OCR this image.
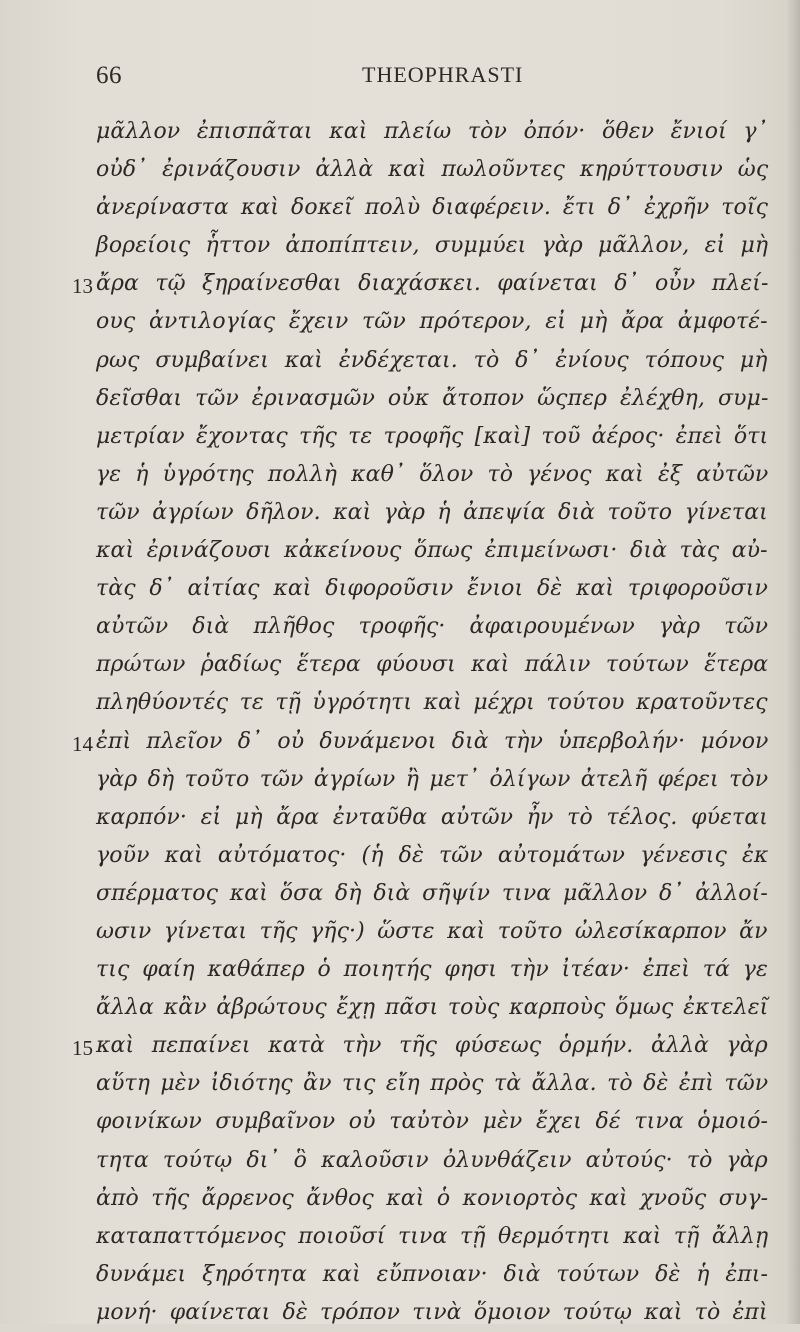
66	THEOPHRASTI
μᾶλλον ἐπισπᾶται καὶ πλείω τὸν ὀπόν· ὅθεν ἔνιοί γ᾽
οὐδ᾽ ἐρινάζουσιν ἀλλὰ καὶ πωλοῦντες κηρύττουσιν ὡς
ἀνερίναστα καὶ δοκεῖ πολὺ διαφέρειν. ἔτι δ᾽ ἐχρῆν τοῖς
βορείοις ἧττον ἀποπίπτειν, συμμύει γὰρ μᾶλλον, εἰ μὴ
13 ἄρα τῷ ξηραίνεσθαι διαχάσκει. φαίνεται δ᾽ οὖν πλεί-
ους ἀντιλογίας ἔχειν τῶν πρότερον, εἰ μὴ ἄρα ἀμφοτέ-
ρως συμβαίνει καὶ ἐνδέχεται. τὸ δ᾽ ἐνίους τόπους μὴ
δεῖσθαι τῶν ἐρινασμῶν οὐκ ἄτοπον ὥςπερ ἐλέχθη, συμ-
μετρίαν ἔχοντας τῆς τε τροφῆς [καὶ] τοῦ ἀέρος· ἐπεὶ ὅτι
γε ἡ ὑγρότης πολλὴ καθ᾽ ὅλον τὸ γένος καὶ ἐξ αὐτῶν
τῶν ἀγρίων δῆλον. καὶ γὰρ ἡ ἀπεψία διὰ τοῦτο γίνεται
καὶ ἐρινάζουσι κἀκείνους ὅπως ἐπιμείνωσι· διὰ τὰς αὐ-
τὰς δ᾽ αἰτίας καὶ διφοροῦσιν ἔνιοι δὲ καὶ τριφοροῦσιν
αὐτῶν διὰ πλῆθος τροφῆς· ἀφαιρουμένων γὰρ τῶν
πρώτων ῥαδίως ἕτερα φύουσι καὶ πάλιν τούτων ἕτερα
πληθύοντές τε τῇ ὑγρότητι καὶ μέχρι τούτου κρατοῦντες
14 ἐπὶ πλεῖον δ᾽ οὐ δυνάμενοι διὰ τὴν ὑπερβολήν· μόνον
γὰρ δὴ τοῦτο τῶν ἀγρίων ἢ μετ᾽ ὀλίγων ἀτελῆ φέρει τὸν
καρπόν· εἰ μὴ ἄρα ἐνταῦθα αὐτῶν ἦν τὸ τέλος. φύεται
γοῦν καὶ αὐτόματος· (ἡ δὲ τῶν αὐτομάτων γένεσις ἐκ
σπέρματος καὶ ὅσα δὴ διὰ σῆψίν τινα μᾶλλον δ᾽ ἀλλοί-
ωσιν γίνεται τῆς γῆς·) ὥστε καὶ τοῦτο ὠλεσίκαρπον ἄν
τις φαίη καθάπερ ὁ ποιητής φησι τὴν ἰτέαν· ἐπεὶ τά γε
ἄλλα κἂν ἀβρώτους ἔχῃ πᾶσι τοὺς καρποὺς ὅμως ἐκτελεῖ
15 καὶ πεπαίνει κατὰ τὴν τῆς φύσεως ὁρμήν. ἀλλὰ γὰρ
αὕτη μὲν ἰδιότης ἂν τις εἴη πρὸς τὰ ἄλλα. τὸ δὲ ἐπὶ τῶν
φοινίκων συμβαῖνον οὐ ταὐτὸν μὲν ἔχει δέ τινα ὁμοιό-
τητα τούτῳ δι᾽ ὃ καλοῦσιν ὀλυνθάζειν αὐτούς· τὸ γὰρ
ἀπὸ τῆς ἄρρενος ἄνθος καὶ ὁ κονιορτὸς καὶ χνοῦς συγ-
καταπαττόμενος ποιοῦσί τινα τῇ θερμότητι καὶ τῇ ἄλλῃ
δυνάμει ξηρότητα καὶ εὔπνοιαν· διὰ τούτων δὲ ἡ ἐπι-
μονή· φαίνεται δὲ τρόπον τινὰ ὅμοιον τούτῳ καὶ τὸ ἐπὶ
